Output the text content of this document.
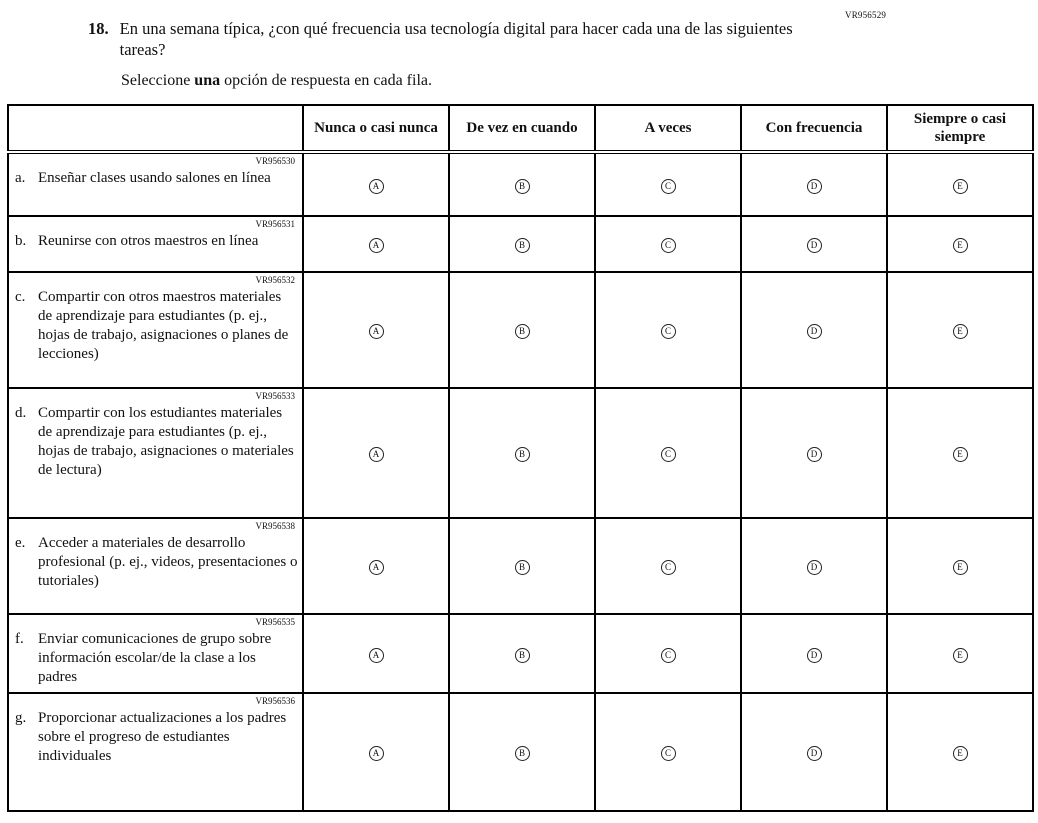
VR956529
18. En una semana típica, ¿con qué frecuencia usa tecnología digital para hacer cada una de las siguientes tareas?
Seleccione una opción de respuesta en cada fila.
	Nunca o casi nunca	De vez en cuando	A veces	Con frecuencia	Siempre o casi siempre

VR956530
a. Enseñar clases usando salones en línea	A	B	C	D	E

VR956531
b. Reunirse con otros maestros en línea	A	B	C	D	E

VR956532
c. Compartir con otros maestros materiales de aprendizaje para estudiantes (p. ej., hojas de trabajo, asignaciones o planes de lecciones)	A	B	C	D	E

VR956533
d. Compartir con los estudiantes materiales de aprendizaje para estudiantes (p. ej., hojas de trabajo, asignaciones o materiales de lectura)	A	B	C	D	E

VR956538
e. Acceder a materiales de desarrollo profesional (p. ej., videos, presentaciones o tutoriales)	A	B	C	D	E

VR956535
f. Enviar comunicaciones de grupo sobre información escolar/de la clase a los padres	A	B	C	D	E

VR956536
g. Proporcionar actualizaciones a los padres sobre el progreso de estudiantes individuales	A	B	C	D	E
